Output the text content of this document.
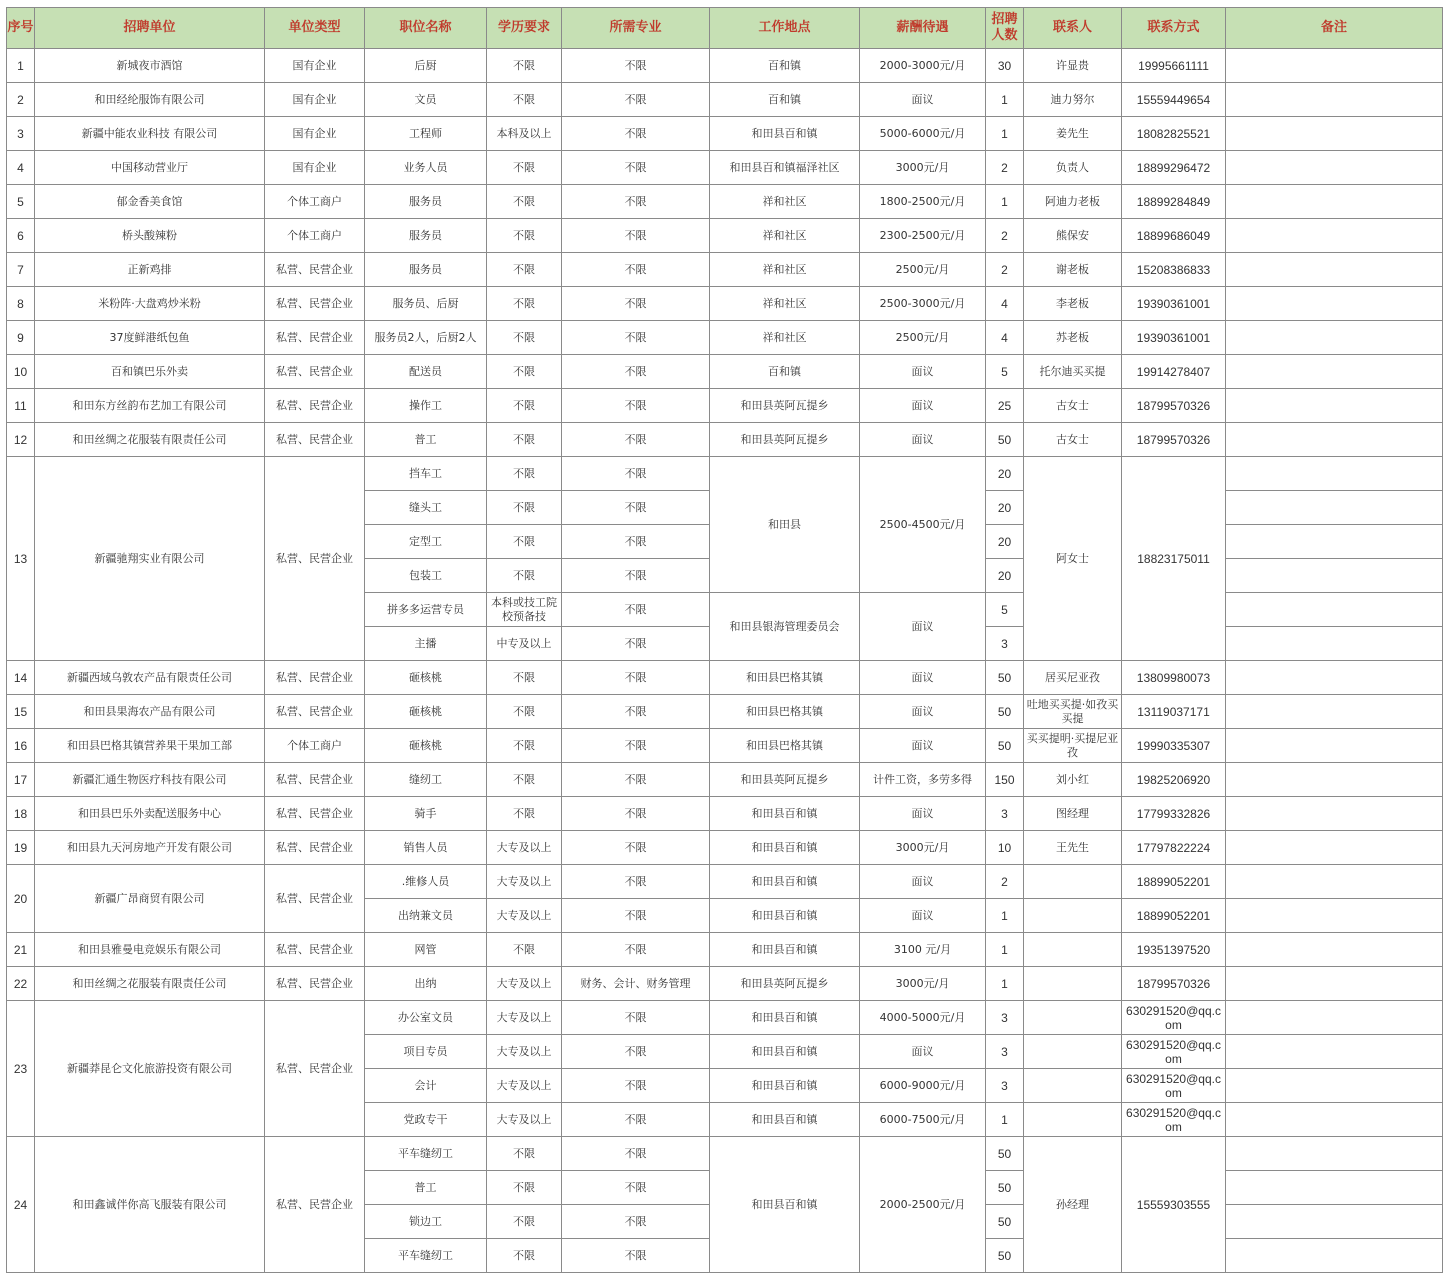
序号	招聘单位	单位类型	职位名称	学历要求	所需专业	工作地点	薪酬待遇	招聘人数	联系人	联系方式	备注
1	新城夜市酒馆	国有企业	后厨	不限	不限	百和镇	2000-3000元/月	30	许显贵	19995661111	
2	和田经纶服饰有限公司	国有企业	文员	不限	不限	百和镇	面议	1	迪力努尔	15559449654	
3	新疆中能农业科技 有限公司	国有企业	工程师	本科及以上	不限	和田县百和镇	5000-6000元/月	1	姜先生	18082825521	
4	中国移动营业厅	国有企业	业务人员	不限	不限	和田县百和镇福泽社区	3000元/月	2	负责人	18899296472	
5	郁金香美食馆	个体工商户	服务员	不限	不限	祥和社区	1800-2500元/月	1	阿迪力老板	18899284849	
6	桥头酸辣粉	个体工商户	服务员	不限	不限	祥和社区	2300-2500元/月	2	熊保安	18899686049	
7	正新鸡排	私营、民营企业	服务员	不限	不限	祥和社区	2500元/月	2	谢老板	15208386833	
8	米粉阵·大盘鸡炒米粉	私营、民营企业	服务员、后厨	不限	不限	祥和社区	2500-3000元/月	4	李老板	19390361001	
9	37度鲜港纸包鱼	私营、民营企业	服务员2人，后厨2人	不限	不限	祥和社区	2500元/月	4	苏老板	19390361001	
10	百和镇巴乐外卖	私营、民营企业	配送员	不限	不限	百和镇	面议	5	托尔迪买买提	19914278407	
11	和田东方丝韵布艺加工有限公司	私营、民营企业	操作工	不限	不限	和田县英阿瓦提乡	面议	25	古女士	18799570326	
12	和田丝绸之花服装有限责任公司	私营、民营企业	普工	不限	不限	和田县英阿瓦提乡	面议	50	古女士	18799570326	
13	新疆驰翔实业有限公司	私营、民营企业	挡车工	不限	不限	和田县	2500-4500元/月	20	阿女士	18823175011	
			缝头工	不限	不限			20			
			定型工	不限	不限			20			
			包装工	不限	不限			20			
			拼多多运营专员	本科或技工院校预备技	不限	和田县银海管理委员会	面议	5			
			主播	中专及以上	不限			3			
14	新疆西域乌敦农产品有限责任公司	私营、民营企业	砸核桃	不限	不限	和田县巴格其镇	面议	50	居买尼亚孜	13809980073	
15	和田县果海农产品有限公司	私营、民营企业	砸核桃	不限	不限	和田县巴格其镇	面议	50	吐地买买提·如孜买买提	13119037171	
16	和田县巴格其镇营养果干果加工部	个体工商户	砸核桃	不限	不限	和田县巴格其镇	面议	50	买买提明·买提尼亚孜	19990335307	
17	新疆汇通生物医疗科技有限公司	私营、民营企业	缝纫工	不限	不限	和田县英阿瓦提乡	计件工资，多劳多得	150	刘小红	19825206920	
18	和田县巴乐外卖配送服务中心	私营、民营企业	骑手	不限	不限	和田县百和镇	面议	3	图经理	17799332826	
19	和田县九天河房地产开发有限公司	私营、民营企业	销售人员	大专及以上	不限	和田县百和镇	3000元/月	10	王先生	17797822224	
20	新疆广昂商贸有限公司	私营、民营企业	.维修人员	大专及以上	不限	和田县百和镇	面议	2		18899052201	
			出纳兼文员	大专及以上	不限	和田县百和镇	面议	1		18899052201	
21	和田县雅曼电竞娱乐有限公司	私营、民营企业	网管	不限	不限	和田县百和镇	3100 元/月	1		19351397520	
22	和田丝绸之花服装有限责任公司	私营、民营企业	出纳	大专及以上	财务、会计、财务管理	和田县英阿瓦提乡	3000元/月	1		18799570326	
23	新疆莽昆仑文化旅游投资有限公司	私营、民营企业	办公室文员	大专及以上	不限	和田县百和镇	4000-5000元/月	3		630291520@qq.com	
			项目专员	大专及以上	不限	和田县百和镇	面议	3		630291520@qq.com	
			会计	大专及以上	不限	和田县百和镇	6000-9000元/月	3		630291520@qq.com	
			党政专干	大专及以上	不限	和田县百和镇	6000-7500元/月	1		630291520@qq.com	
24	和田鑫诚伴你高飞服装有限公司	私营、民营企业	平车缝纫工	不限	不限	和田县百和镇	2000-2500元/月	50	孙经理	15559303555	
			普工	不限	不限			50			
			锁边工	不限	不限			50			
			平车缝纫工	不限	不限			50			
